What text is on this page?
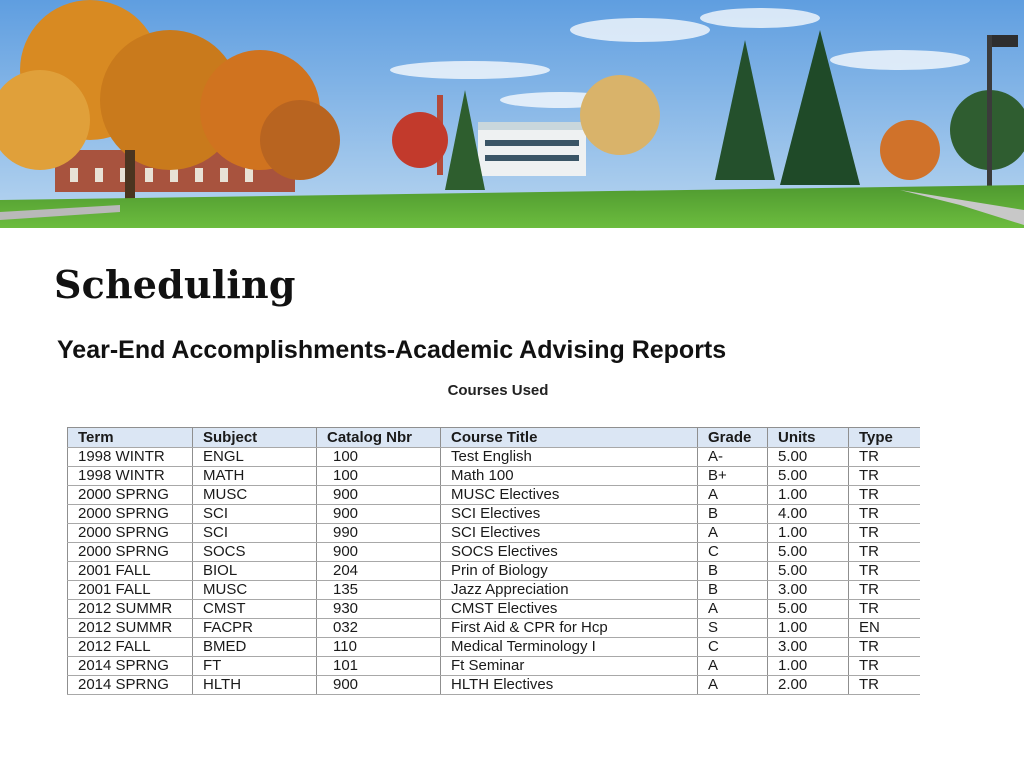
Scheduling
Year-End Accomplishments-Academic Advising Reports
Courses Used
Term	Subject	Catalog Nbr	Course Title	Grade	Units	Type
1998 WINTR	ENGL	100	Test English	A-	5.00	TR
1998 WINTR	MATH	100	Math 100	B+	5.00	TR
2000 SPRNG	MUSC	900	MUSC Electives	A	1.00	TR
2000 SPRNG	SCI	900	SCI Electives	B	4.00	TR
2000 SPRNG	SCI	990	SCI Electives	A	1.00	TR
2000 SPRNG	SOCS	900	SOCS Electives	C	5.00	TR
2001 FALL	BIOL	204	Prin of Biology	B	5.00	TR
2001 FALL	MUSC	135	Jazz Appreciation	B	3.00	TR
2012 SUMMR	CMST	930	CMST Electives	A	5.00	TR
2012 SUMMR	FACPR	032	First Aid & CPR for Hcp	S	1.00	EN
2012 FALL	BMED	110	Medical Terminology I	C	3.00	TR
2014 SPRNG	FT	101	Ft Seminar	A	1.00	TR
2014 SPRNG	HLTH	900	HLTH Electives	A	2.00	TR
